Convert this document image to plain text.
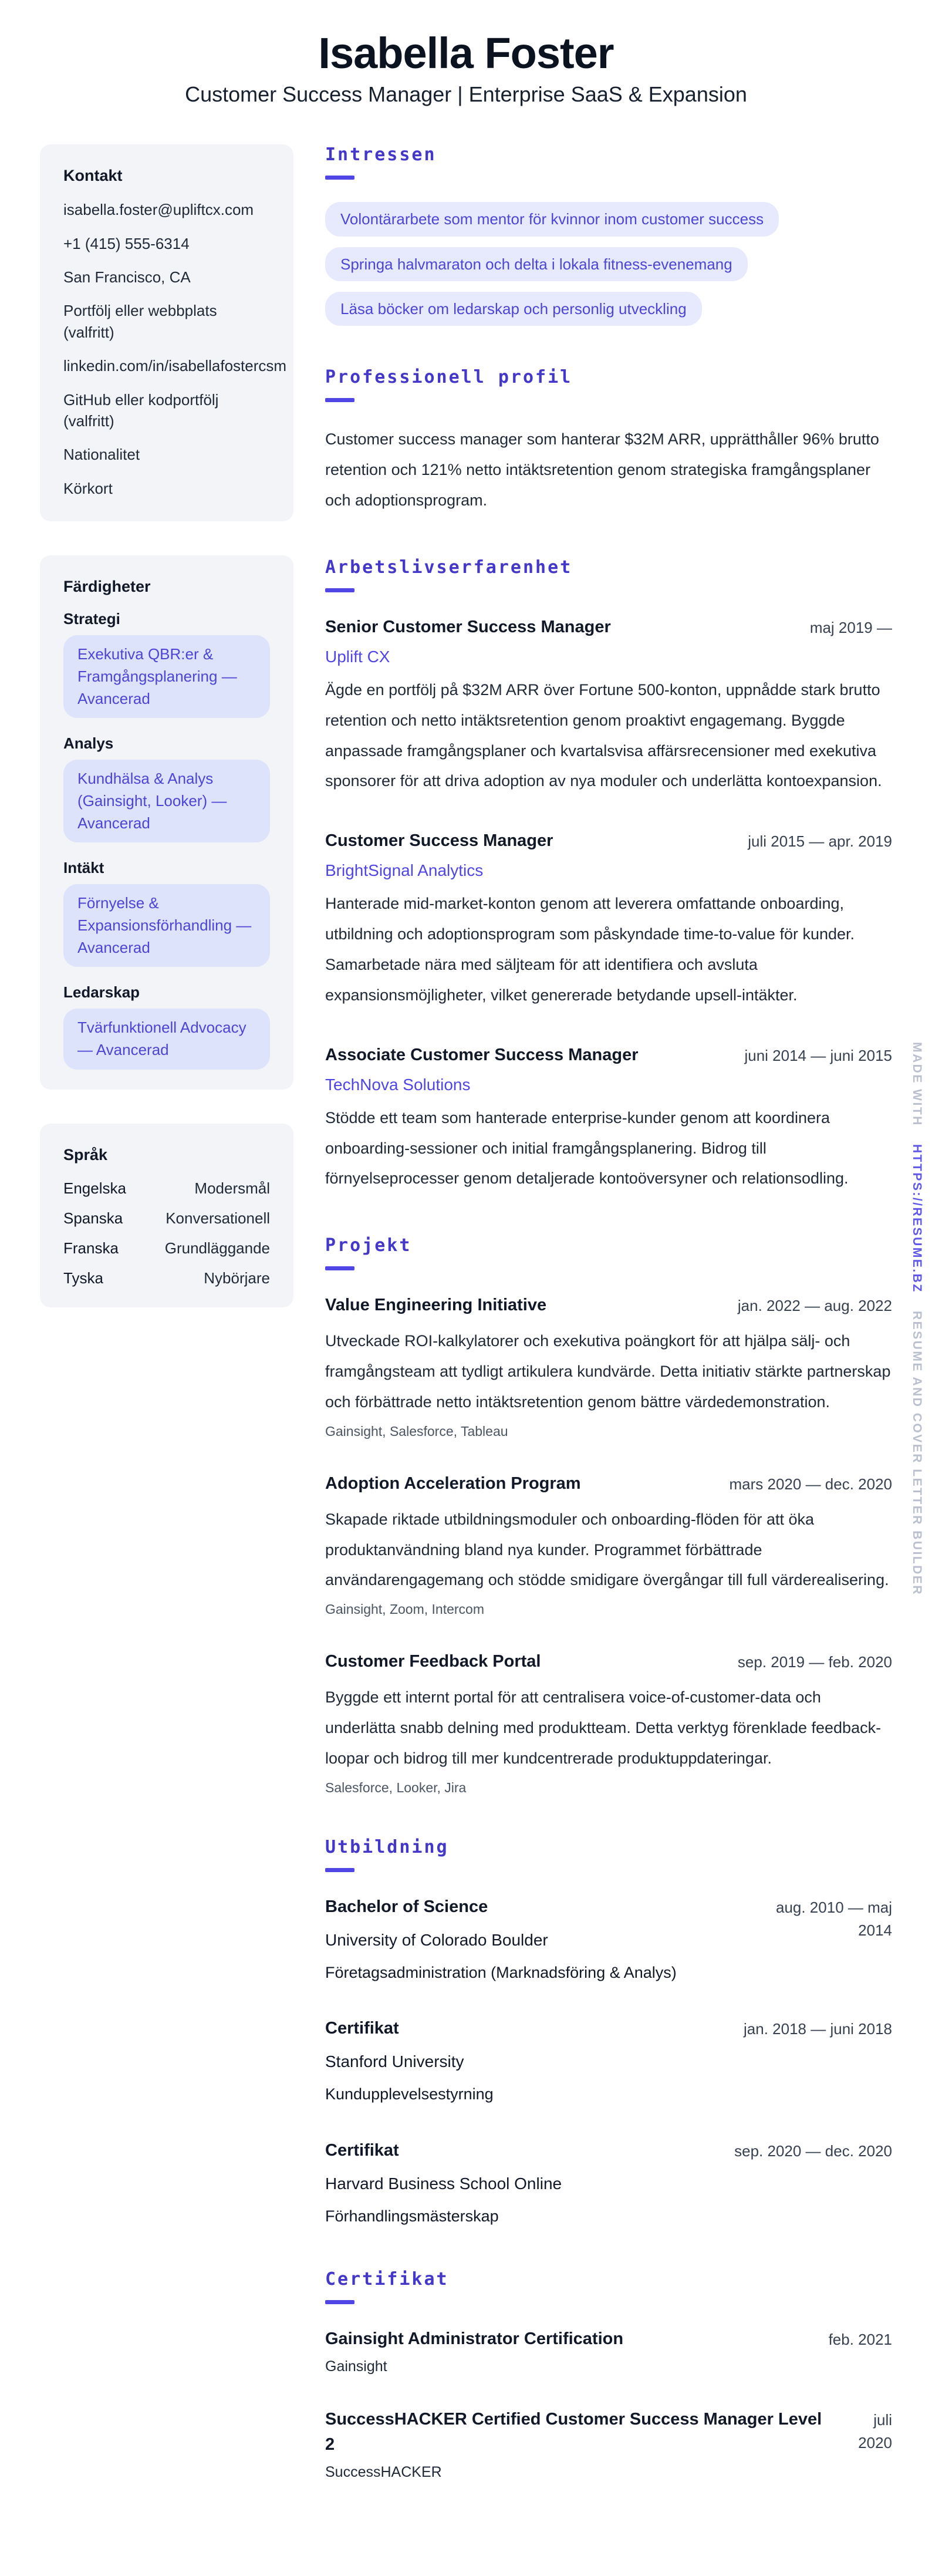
Isabella Foster
Customer Success Manager | Enterprise SaaS & Expansion
Kontakt
isabella.foster@upliftcx.com
+1 (415) 555-6314
San Francisco, CA
Portfölj eller webbplats (valfritt)
linkedin.com/in/isabellafostercsm
GitHub eller kodportfölj (valfritt)
Nationalitet
Körkort
Färdigheter
Strategi
Exekutiva QBR:er & Framgångsplanering — Avancerad
Analys
Kundhälsa & Analys (Gainsight, Looker) — Avancerad
Intäkt
Förnyelse & Expansionsförhandling — Avancerad
Ledarskap
Tvärfunktionell Advocacy — Avancerad
Språk
Engelska	Modersmål
Spanska	Konversationell
Franska	Grundläggande
Tyska	Nybörjare
Intressen
Volontärarbete som mentor för kvinnor inom customer success
Springa halvmaraton och delta i lokala fitness-evenemang
Läsa böcker om ledarskap och personlig utveckling
Professionell profil

Customer success manager som hanterar $32M ARR, upprätthåller 96% brutto retention och 121% netto intäktsretention genom strategiska framgångsplaner och adoptionsprogram.

Arbetslivserfarenhet
Senior Customer Success Manager	maj 2019 —
Uplift CX
Ägde en portfölj på $32M ARR över Fortune 500-konton, uppnådde stark brutto retention och netto intäktsretention genom proaktivt engagemang. Byggde anpassade framgångsplaner och kvartalsvisa affärsrecensioner med exekutiva sponsorer för att driva adoption av nya moduler och underlätta kontoexpansion.
Customer Success Manager	juli 2015 — apr. 2019
BrightSignal Analytics
Hanterade mid-market-konton genom att leverera omfattande onboarding, utbildning och adoptionsprogram som påskyndade time-to-value för kunder. Samarbetade nära med säljteam för att identifiera och avsluta expansionsmöjligheter, vilket genererade betydande upsell-intäkter.
Associate Customer Success Manager	juni 2014 — juni 2015
TechNova Solutions
Stödde ett team som hanterade enterprise-kunder genom att koordinera onboarding-sessioner och initial framgångsplanering. Bidrog till förnyelseprocesser genom detaljerade kontoöversyner och relationsodling.
Projekt
Value Engineering Initiative	jan. 2022 — aug. 2022
Utveckade ROI-kalkylatorer och exekutiva poängkort för att hjälpa sälj- och framgångsteam att tydligt artikulera kundvärde. Detta initiativ stärkte partnerskap och förbättrade netto intäktsretention genom bättre värdedemonstration.
Gainsight, Salesforce, Tableau
Adoption Acceleration Program	mars 2020 — dec. 2020
Skapade riktade utbildningsmoduler och onboarding-flöden för att öka produktanvändning bland nya kunder. Programmet förbättrade användarengagemang och stödde smidigare övergångar till full värderealisering.
Gainsight, Zoom, Intercom
Customer Feedback Portal	sep. 2019 — feb. 2020
Byggde ett internt portal för att centralisera voice-of-customer-data och underlätta snabb delning med produktteam. Detta verktyg förenklade feedback-loopar och bidrog till mer kundcentrerade produktuppdateringar.
Salesforce, Looker, Jira
Utbildning
Bachelor of Science
University of Colorado Boulder
Företagsadministration (Marknadsföring & Analys)
aug. 2010 — maj 2014
Certifikat
Stanford University
Kundupplevelsestyrning
jan. 2018 — juni 2018
Certifikat
Harvard Business School Online
Förhandlingsmästerskap
sep. 2020 — dec. 2020
Certifikat
Gainsight Administrator Certification
Gainsight
feb. 2021
SuccessHACKER Certified Customer Success Manager Level 2
SuccessHACKER
juli 2020
MADE WITH HTTPS://RESUME.BZ RESUME AND COVER LETTER BUILDER
